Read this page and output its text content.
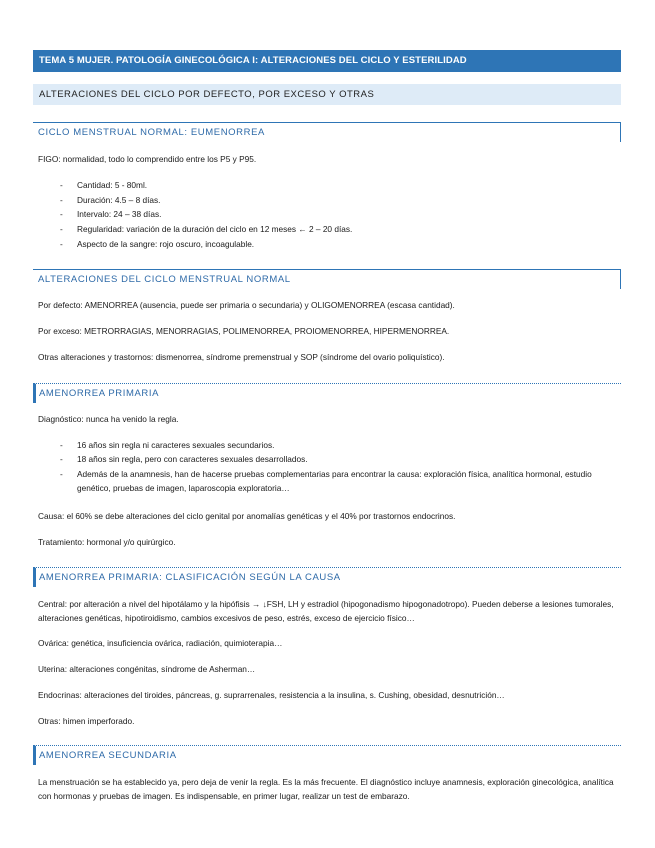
TEMA 5 MUJER. PATOLOGÍA GINECOLÓGICA I: ALTERACIONES DEL CICLO Y ESTERILIDAD
ALTERACIONES DEL CICLO POR DEFECTO, POR EXCESO Y OTRAS
CICLO MENSTRUAL NORMAL: EUMENORREA
FIGO: normalidad, todo lo comprendido entre los P5 y P95.
-	Cantidad: 5 - 80ml.
-	Duración: 4.5 – 8 días.
-	Intervalo: 24 – 38 días.
-	Regularidad: variación de la duración del ciclo en 12 meses ← 2 – 20 días.
-	Aspecto de la sangre: rojo oscuro, incoagulable.
ALTERACIONES DEL CICLO MENSTRUAL NORMAL
Por defecto: AMENORREA (ausencia, puede ser primaria o secundaria) y OLIGOMENORREA (escasa cantidad).
Por exceso: METRORRAGIAS, MENORRAGIAS, POLIMENORREA, PROIOMENORREA, HIPERMENORREA.
Otras alteraciones y trastornos: dismenorrea, síndrome premenstrual y SOP (síndrome del ovario poliquístico).
AMENORREA PRIMARIA
Diagnóstico: nunca ha venido la regla.
-	16 años sin regla ni caracteres sexuales secundarios.
-	18 años sin regla, pero con caracteres sexuales desarrollados.
-	Además de la anamnesis, han de hacerse pruebas complementarias para encontrar la causa: exploración física, analítica hormonal, estudio genético, pruebas de imagen, laparoscopia exploratoria…
Causa: el 60% se debe alteraciones del ciclo genital por anomalías genéticas y el 40% por trastornos endocrinos.
Tratamiento: hormonal y/o quirúrgico.
AMENORREA PRIMARIA: CLASIFICACIÓN SEGÚN LA CAUSA
Central: por alteración a nivel del hipotálamo y la hipófisis → ↓FSH, LH y estradiol (hipogonadismo hipogonadotropo). Pueden deberse a lesiones tumorales, alteraciones genéticas, hipotiroidismo, cambios excesivos de peso, estrés, exceso de ejercicio físico…
Ovárica: genética, insuficiencia ovárica, radiación, quimioterapia…
Uterina: alteraciones congénitas, síndrome de Asherman…
Endocrinas: alteraciones del tiroides, páncreas, g. suprarrenales, resistencia a la insulina, s. Cushing, obesidad, desnutrición…
Otras: himen imperforado.
AMENORREA SECUNDARIA
La menstruación se ha establecido ya, pero deja de venir la regla. Es la más frecuente. El diagnóstico incluye anamnesis, exploración ginecológica, analítica con hormonas y pruebas de imagen. Es indispensable, en primer lugar, realizar un test de embarazo.
